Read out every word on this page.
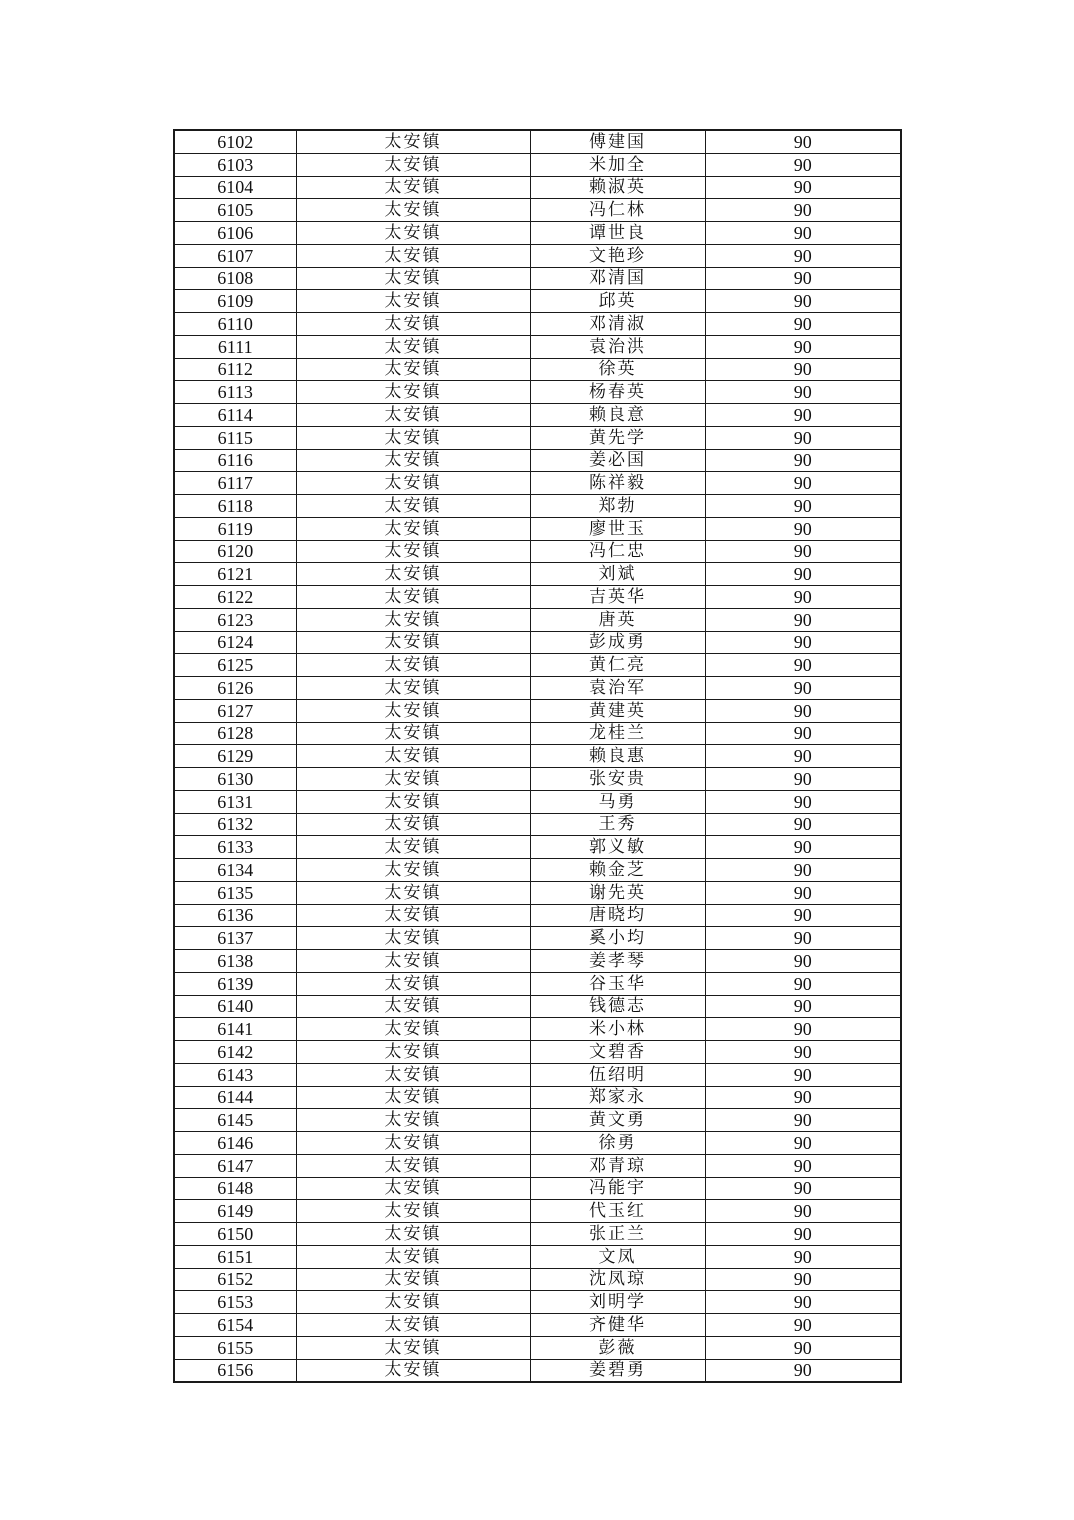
6102	太安镇	傅建国	90
6103	太安镇	米加全	90
6104	太安镇	赖淑英	90
6105	太安镇	冯仁林	90
6106	太安镇	谭世良	90
6107	太安镇	文艳珍	90
6108	太安镇	邓清国	90
6109	太安镇	邱英	90
6110	太安镇	邓清淑	90
6111	太安镇	袁治洪	90
6112	太安镇	徐英	90
6113	太安镇	杨春英	90
6114	太安镇	赖良意	90
6115	太安镇	黄先学	90
6116	太安镇	姜必国	90
6117	太安镇	陈祥毅	90
6118	太安镇	郑勃	90
6119	太安镇	廖世玉	90
6120	太安镇	冯仁忠	90
6121	太安镇	刘斌	90
6122	太安镇	吉英华	90
6123	太安镇	唐英	90
6124	太安镇	彭成勇	90
6125	太安镇	黄仁亮	90
6126	太安镇	袁治军	90
6127	太安镇	黄建英	90
6128	太安镇	龙桂兰	90
6129	太安镇	赖良惠	90
6130	太安镇	张安贵	90
6131	太安镇	马勇	90
6132	太安镇	王秀	90
6133	太安镇	郭义敏	90
6134	太安镇	赖金芝	90
6135	太安镇	谢先英	90
6136	太安镇	唐晓均	90
6137	太安镇	奚小均	90
6138	太安镇	姜孝琴	90
6139	太安镇	谷玉华	90
6140	太安镇	钱德志	90
6141	太安镇	米小林	90
6142	太安镇	文碧香	90
6143	太安镇	伍绍明	90
6144	太安镇	郑家永	90
6145	太安镇	黄文勇	90
6146	太安镇	徐勇	90
6147	太安镇	邓青琼	90
6148	太安镇	冯能宇	90
6149	太安镇	代玉红	90
6150	太安镇	张正兰	90
6151	太安镇	文凤	90
6152	太安镇	沈凤琼	90
6153	太安镇	刘明学	90
6154	太安镇	齐健华	90
6155	太安镇	彭薇	90
6156	太安镇	姜碧勇	90
